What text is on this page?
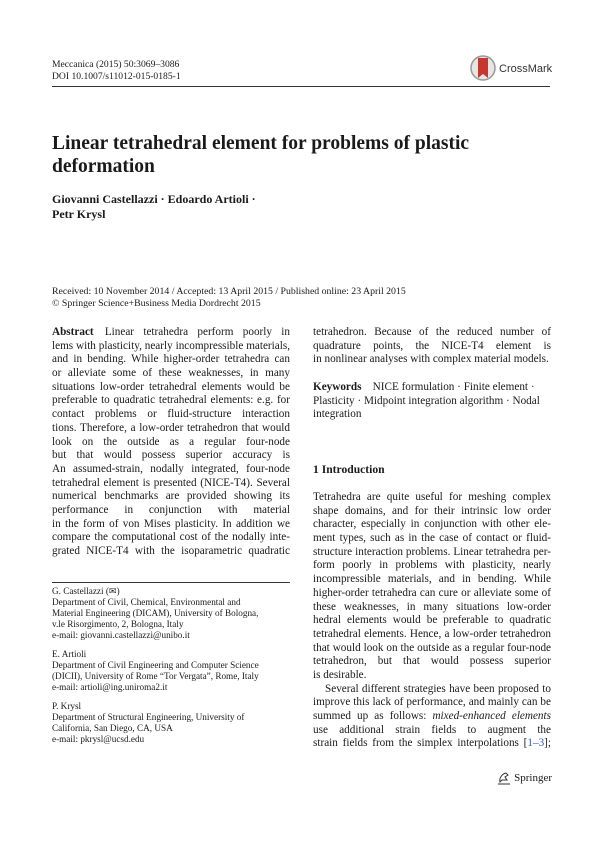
Meccanica (2015) 50:3069–3086
DOI 10.1007/s11012-015-0185-1
CrossMark
Linear tetrahedral element for problems of plastic
deformation
Giovanni Castellazzi · Edoardo Artioli ·
Petr Krysl
Received: 10 November 2014 / Accepted: 13 April 2015 / Published online: 23 April 2015
© Springer Science+Business Media Dordrecht 2015
Abstract Linear tetrahedra perform poorly in
lems with plasticity, nearly incompressible materials,
and in bending. While higher-order tetrahedra can
or alleviate some of these weaknesses, in many
situations low-order tetrahedral elements would be
preferable to quadratic tetrahedral elements: e.g. for
contact problems or fluid-structure interaction
tions. Therefore, a low-order tetrahedron that would
look on the outside as a regular four-node
but that would possess superior accuracy is
An assumed-strain, nodally integrated, four-node
tetrahedral element is presented (NICE-T4). Several
numerical benchmarks are provided showing its
performance in conjunction with material
in the form of von Mises plasticity. In addition we
compare the computational cost of the nodally inte-
grated NICE-T4 with the isoparametric quadratic
tetrahedron. Because of the reduced number of
quadrature points, the NICE-T4 element is
in nonlinear analyses with complex material models.
Keywords NICE formulation · Finite element ·
Plasticity · Midpoint integration algorithm · Nodal
integration
1 Introduction
Tetrahedra are quite useful for meshing complex
shape domains, and for their intrinsic low order
character, especially in conjunction with other ele-
ment types, such as in the case of contact or fluid-
structure interaction problems. Linear tetrahedra per-
form poorly in problems with plasticity, nearly
incompressible materials, and in bending. While
higher-order tetrahedra can cure or alleviate some of
these weaknesses, in many situations low-order
hedral elements would be preferable to quadratic
tetrahedral elements. Hence, a low-order tetrahedron
that would look on the outside as a regular four-node
tetrahedron, but that would possess superior
is desirable.
Several different strategies have been proposed to
improve this lack of performance, and mainly can be
summed up as follows: mixed-enhanced elements
use additional strain fields to augment the
strain fields from the simplex interpolations [1–3];
G. Castellazzi (✉)
Department of Civil, Chemical, Environmental and
Material Engineering (DICAM), University of Bologna,
v.le Risorgimento, 2, Bologna, Italy
e-mail: giovanni.castellazzi@unibo.it
E. Artioli
Department of Civil Engineering and Computer Science
(DICII), University of Rome “Tor Vergata”, Rome, Italy
e-mail: artioli@ing.uniroma2.it
P. Krysl
Department of Structural Engineering, University of
California, San Diego, CA, USA
e-mail: pkrysl@ucsd.edu
Springer
